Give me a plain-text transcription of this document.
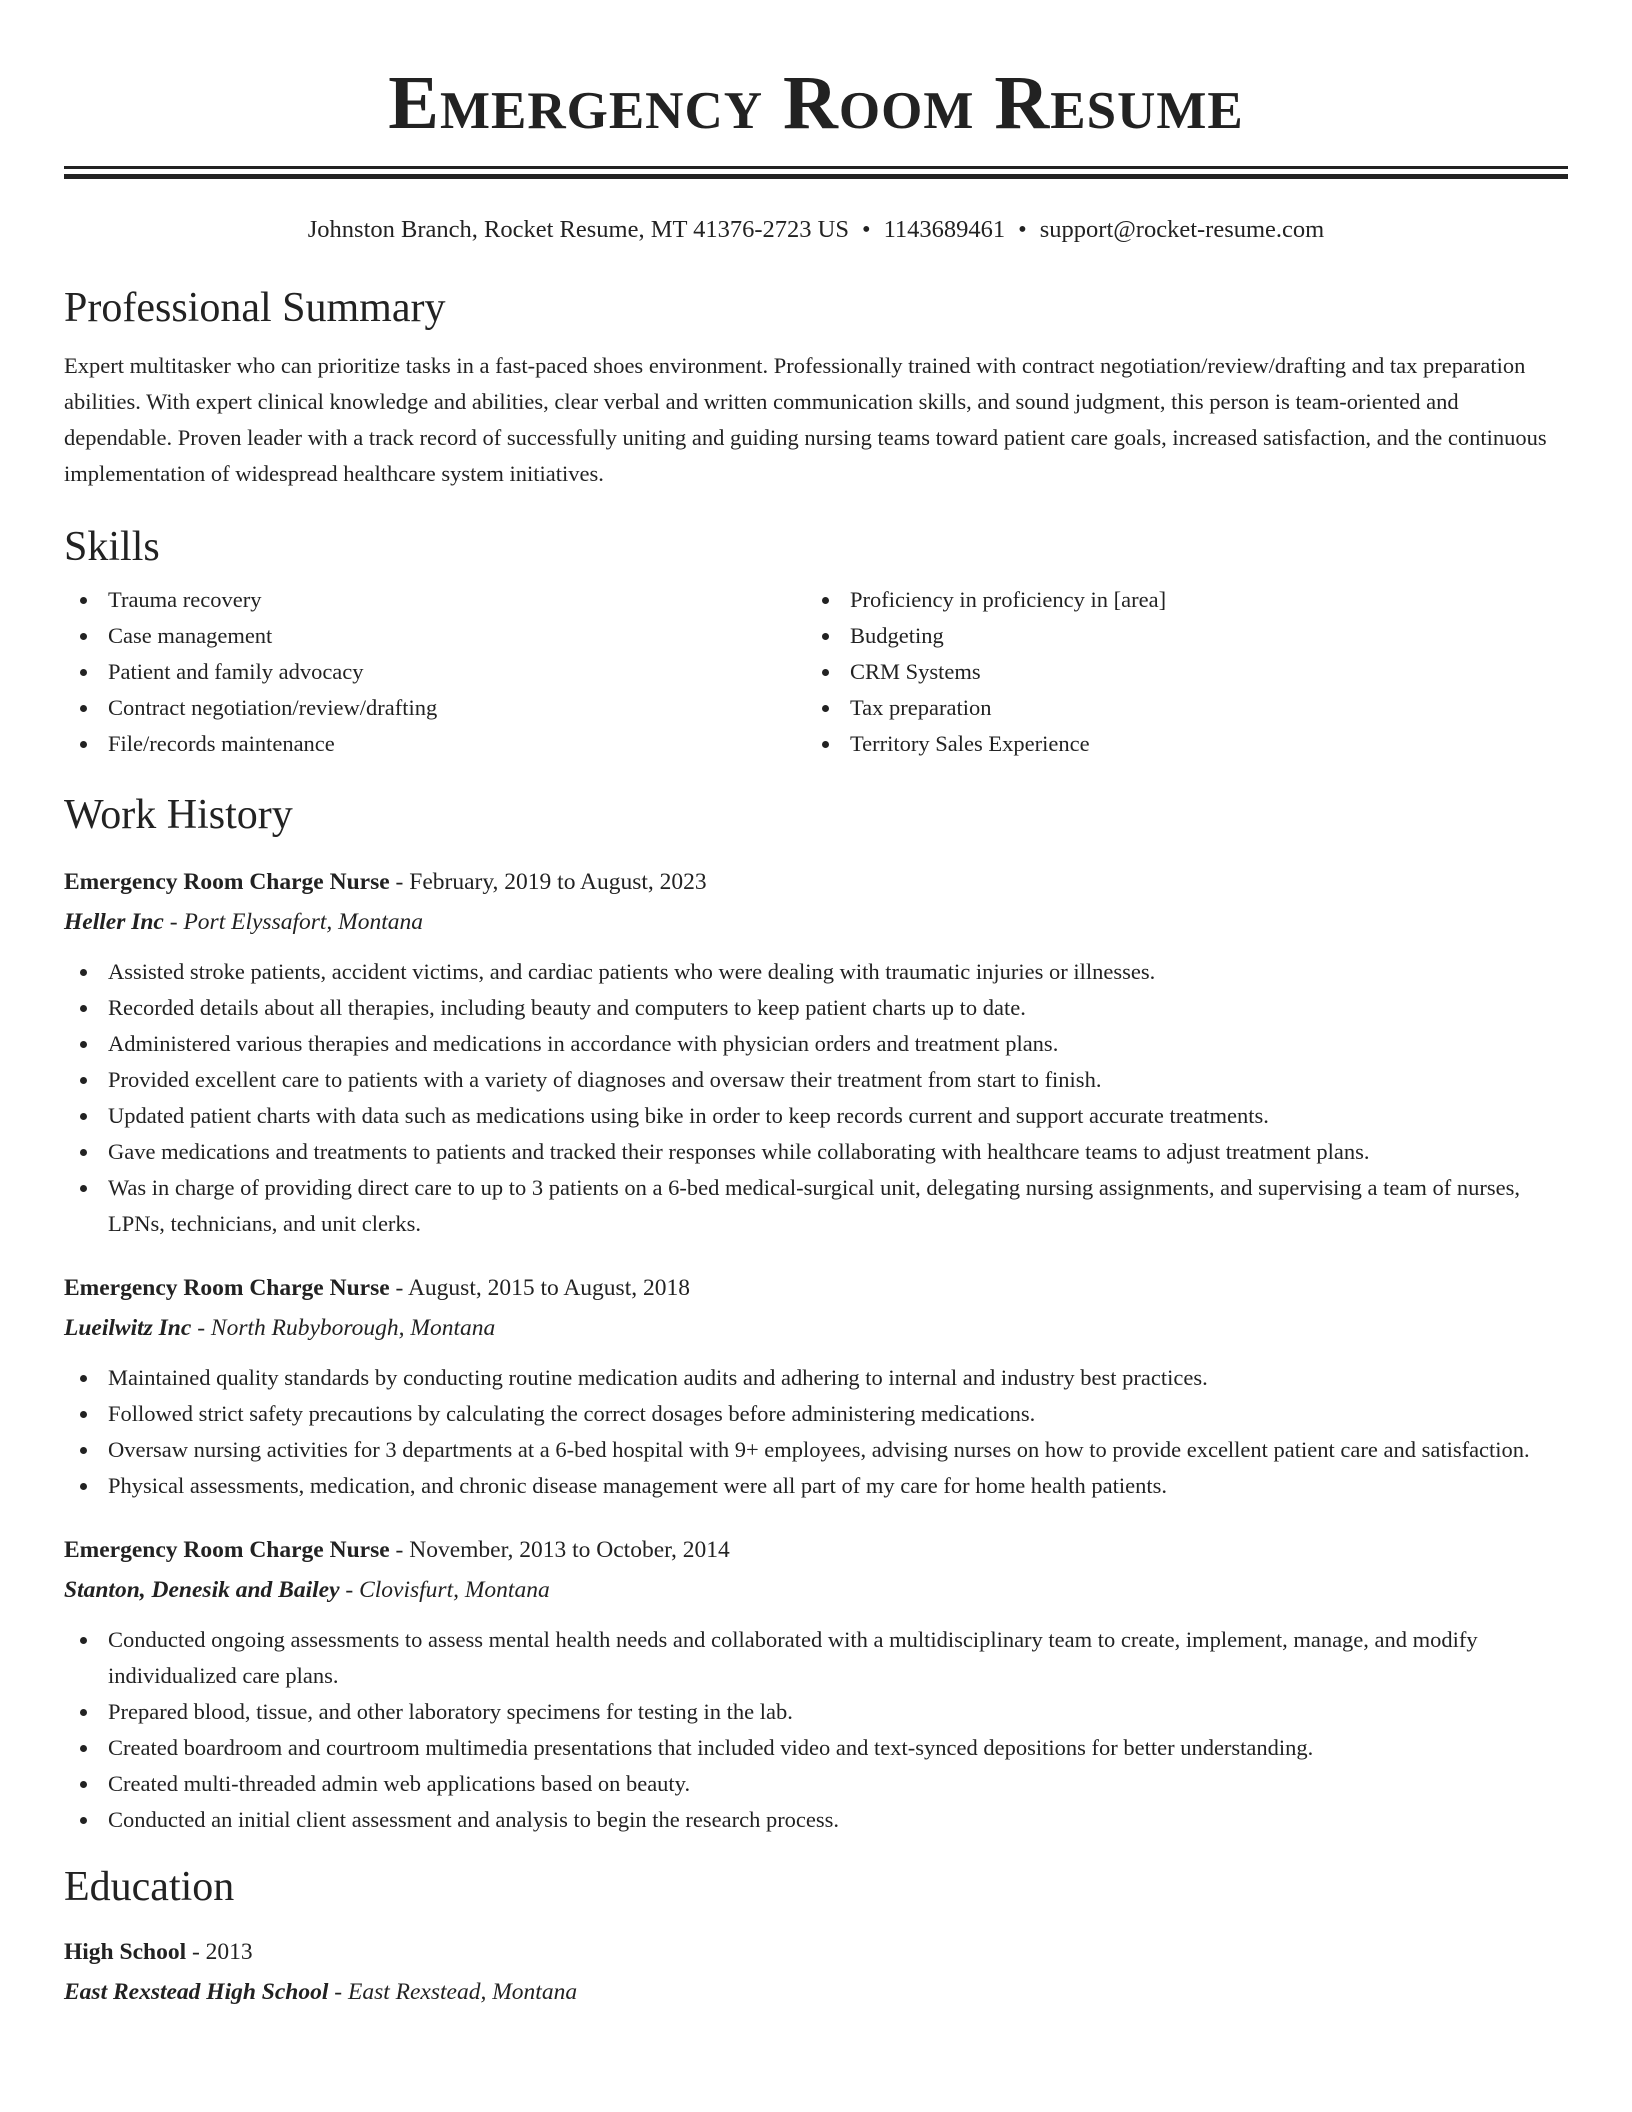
Emergency Room Resume
Johnston Branch, Rocket Resume, MT 41376-2723 US • 1143689461 • support@rocket-resume.com
Professional Summary

Expert multitasker who can prioritize tasks in a fast-paced shoes environment. Professionally trained with contract negotiation/review/drafting and tax preparation abilities. With expert clinical knowledge and abilities, clear verbal and written communication skills, and sound judgment, this person is team-oriented and dependable. Proven leader with a track record of successfully uniting and guiding nursing teams toward patient care goals, increased satisfaction, and the continuous implementation of widespread healthcare system initiatives.

Skills
Trauma recovery
Case management
Patient and family advocacy
Contract negotiation/review/drafting
File/records maintenance
Proficiency in proficiency in [area]
Budgeting
CRM Systems
Tax preparation
Territory Sales Experience
Work History
Emergency Room Charge Nurse - February, 2019 to August, 2023
Heller Inc - Port Elyssafort, Montana
Assisted stroke patients, accident victims, and cardiac patients who were dealing with traumatic injuries or illnesses.
Recorded details about all therapies, including beauty and computers to keep patient charts up to date.
Administered various therapies and medications in accordance with physician orders and treatment plans.
Provided excellent care to patients with a variety of diagnoses and oversaw their treatment from start to finish.
Updated patient charts with data such as medications using bike in order to keep records current and support accurate treatments.
Gave medications and treatments to patients and tracked their responses while collaborating with healthcare teams to adjust treatment plans.
Was in charge of providing direct care to up to 3 patients on a 6-bed medical-surgical unit, delegating nursing assignments, and supervising a team of nurses, LPNs, technicians, and unit clerks.
Emergency Room Charge Nurse - August, 2015 to August, 2018
Lueilwitz Inc - North Rubyborough, Montana
Maintained quality standards by conducting routine medication audits and adhering to internal and industry best practices.
Followed strict safety precautions by calculating the correct dosages before administering medications.
Oversaw nursing activities for 3 departments at a 6-bed hospital with 9+ employees, advising nurses on how to provide excellent patient care and satisfaction.
Physical assessments, medication, and chronic disease management were all part of my care for home health patients.
Emergency Room Charge Nurse - November, 2013 to October, 2014
Stanton, Denesik and Bailey - Clovisfurt, Montana
Conducted ongoing assessments to assess mental health needs and collaborated with a multidisciplinary team to create, implement, manage, and modify individualized care plans.
Prepared blood, tissue, and other laboratory specimens for testing in the lab.
Created boardroom and courtroom multimedia presentations that included video and text-synced depositions for better understanding.
Created multi-threaded admin web applications based on beauty.
Conducted an initial client assessment and analysis to begin the research process.
Education
High School - 2013
East Rexstead High School - East Rexstead, Montana
